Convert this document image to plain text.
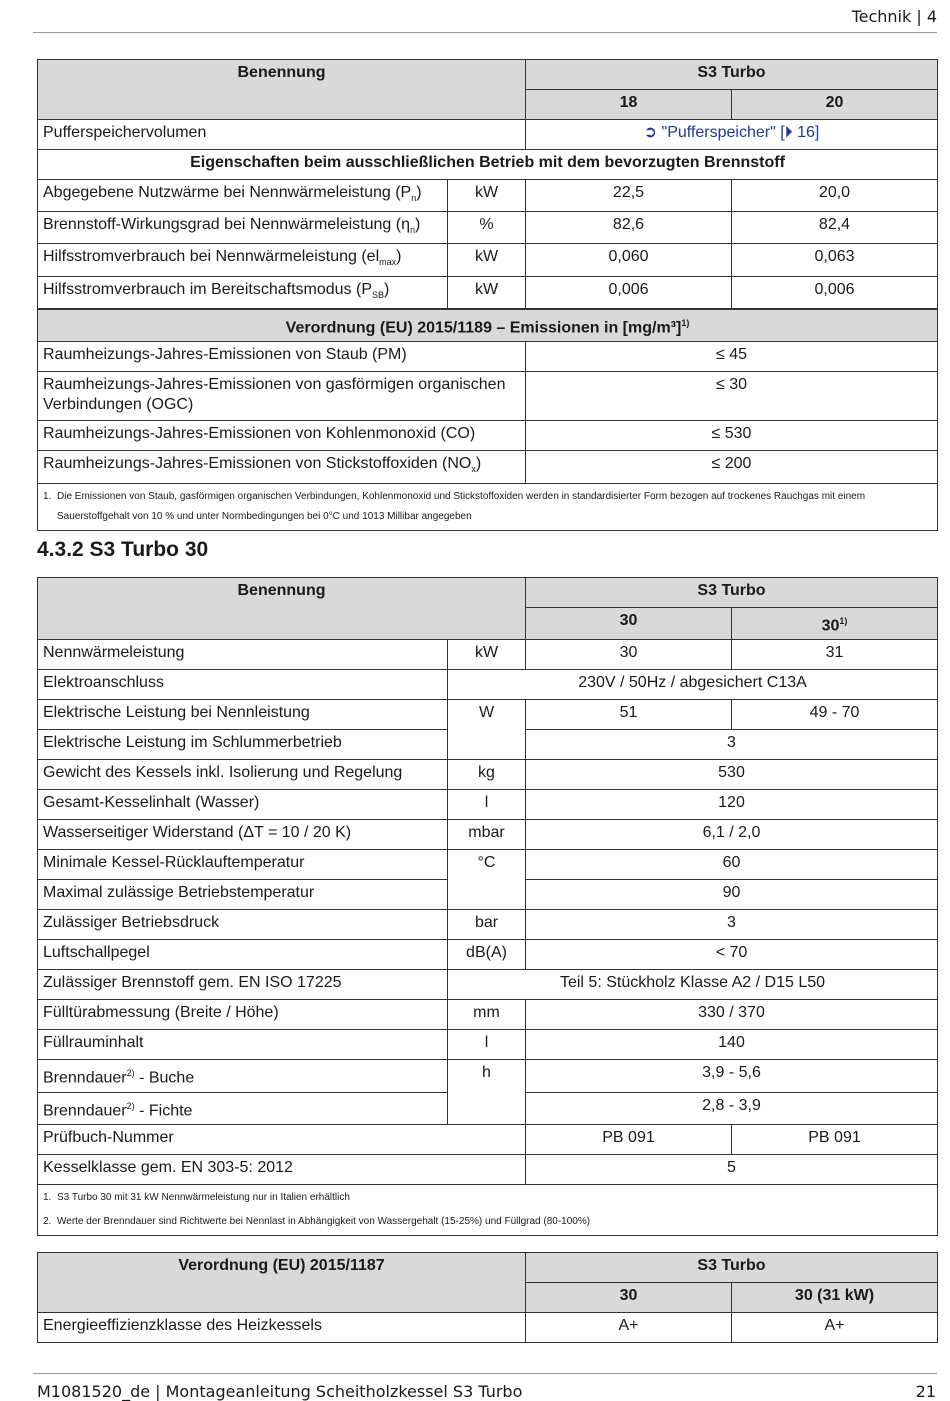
Technik | 4
Benennung		S3 Turbo	
		18	20
Pufferspeichervolumen		➲ "Pufferspeicher" [⏵ 16]	
Eigenschaften beim ausschließlichen Betrieb mit dem bevorzugten Brennstoff			
Abgegebene Nutzwärme bei Nennwärmeleistung $(P_n)$	kW	22,5	20,0
Brennstoff-Wirkungsgrad bei Nennwärmeleistung $(\eta_n)$	%	82,6	82,4
Hilfsstromverbrauch bei Nennwärmeleistung $(el_{max})$	kW	0,060	0,063
Hilfsstromverbrauch im Bereitschaftsmodus $(P_{SB})$	kW	0,006	0,006
Verordnung (EU) 2015/1189 – Emissionen in $[mg/m^3]^{1)}$
Raumheizungs-Jahres-Emissionen von Staub (PM)	≤ 45
Raumheizungs-Jahres-Emissionen von gasförmigen organischen Verbindungen (OGC)	≤ 30
Raumheizungs-Jahres-Emissionen von Kohlenmonoxid (CO)	≤ 530
Raumheizungs-Jahres-Emissionen von Stickstoffoxiden $(NO_x)$	≤ 200

1. Die Emissionen von Staub, gasförmigen organischen Verbindungen, Kohlenmonoxid und Stickstoffoxiden werden in standardisierter Form bezogen auf trockenes Rauchgas mit einem Sauerstoffgehalt von 10 % und unter Normbedingungen bei 0°C und 1013 Millibar angegeben	
4.3.2 S3 Turbo 30
Benennung		S3 Turbo	
		30	30$^{1)}$
Nennwärmeleistung	kW	30	31
Elektroanschluss	230V / 50Hz / abgesichert C13A		
Elektrische Leistung bei Nennleistung	W	51	49 - 70
Elektrische Leistung im Schlummerbetrieb		3	
Gewicht des Kessels inkl. Isolierung und Regelung	kg	530	
Gesamt-Kesselinhalt (Wasser)	l	120	
Wasserseitiger Widerstand (ΔT = 10 / 20 K)	mbar	6,1 / 2,0	
Minimale Kessel-Rücklauftemperatur	°C	60	
Maximal zulässige Betriebstemperatur		90	
Zulässiger Betriebsdruck	bar	3	
Luftschallpegel	dB(A)	< 70	
Zulässiger Brennstoff gem. EN ISO 17225	Teil 5: Stückholz Klasse A2 / D15 L50		
Fülltürabmessung (Breite / Höhe)	mm	330 / 370	
Füllrauminhalt	l	140	
Brenndauer$^{2)}$ - Buche	h	3,9 - 5,6	
Brenndauer$^{2)}$ - Fichte		2,8 - 3,9	
Prüfbuch-Nummer		PB 091	PB 091
Kesselklasse gem. EN 303-5: 2012		5	

1. S3 Turbo 30 mit 31 kW Nennwärmeleistung nur in Italien erhältlich
2. Werte der Brenndauer sind Richtwerte bei Nennlast in Abhängigkeit von Wassergehalt (15-25%) und Füllgrad (80-100%)			
Verordnung (EU) 2015/1187	S3 Turbo	
	30	30 (31 kW)
Energieeffizienzklasse des Heizkessels	A+	A+
M1081520_de | Montageanleitung Scheitholzkessel S3 Turbo	21
